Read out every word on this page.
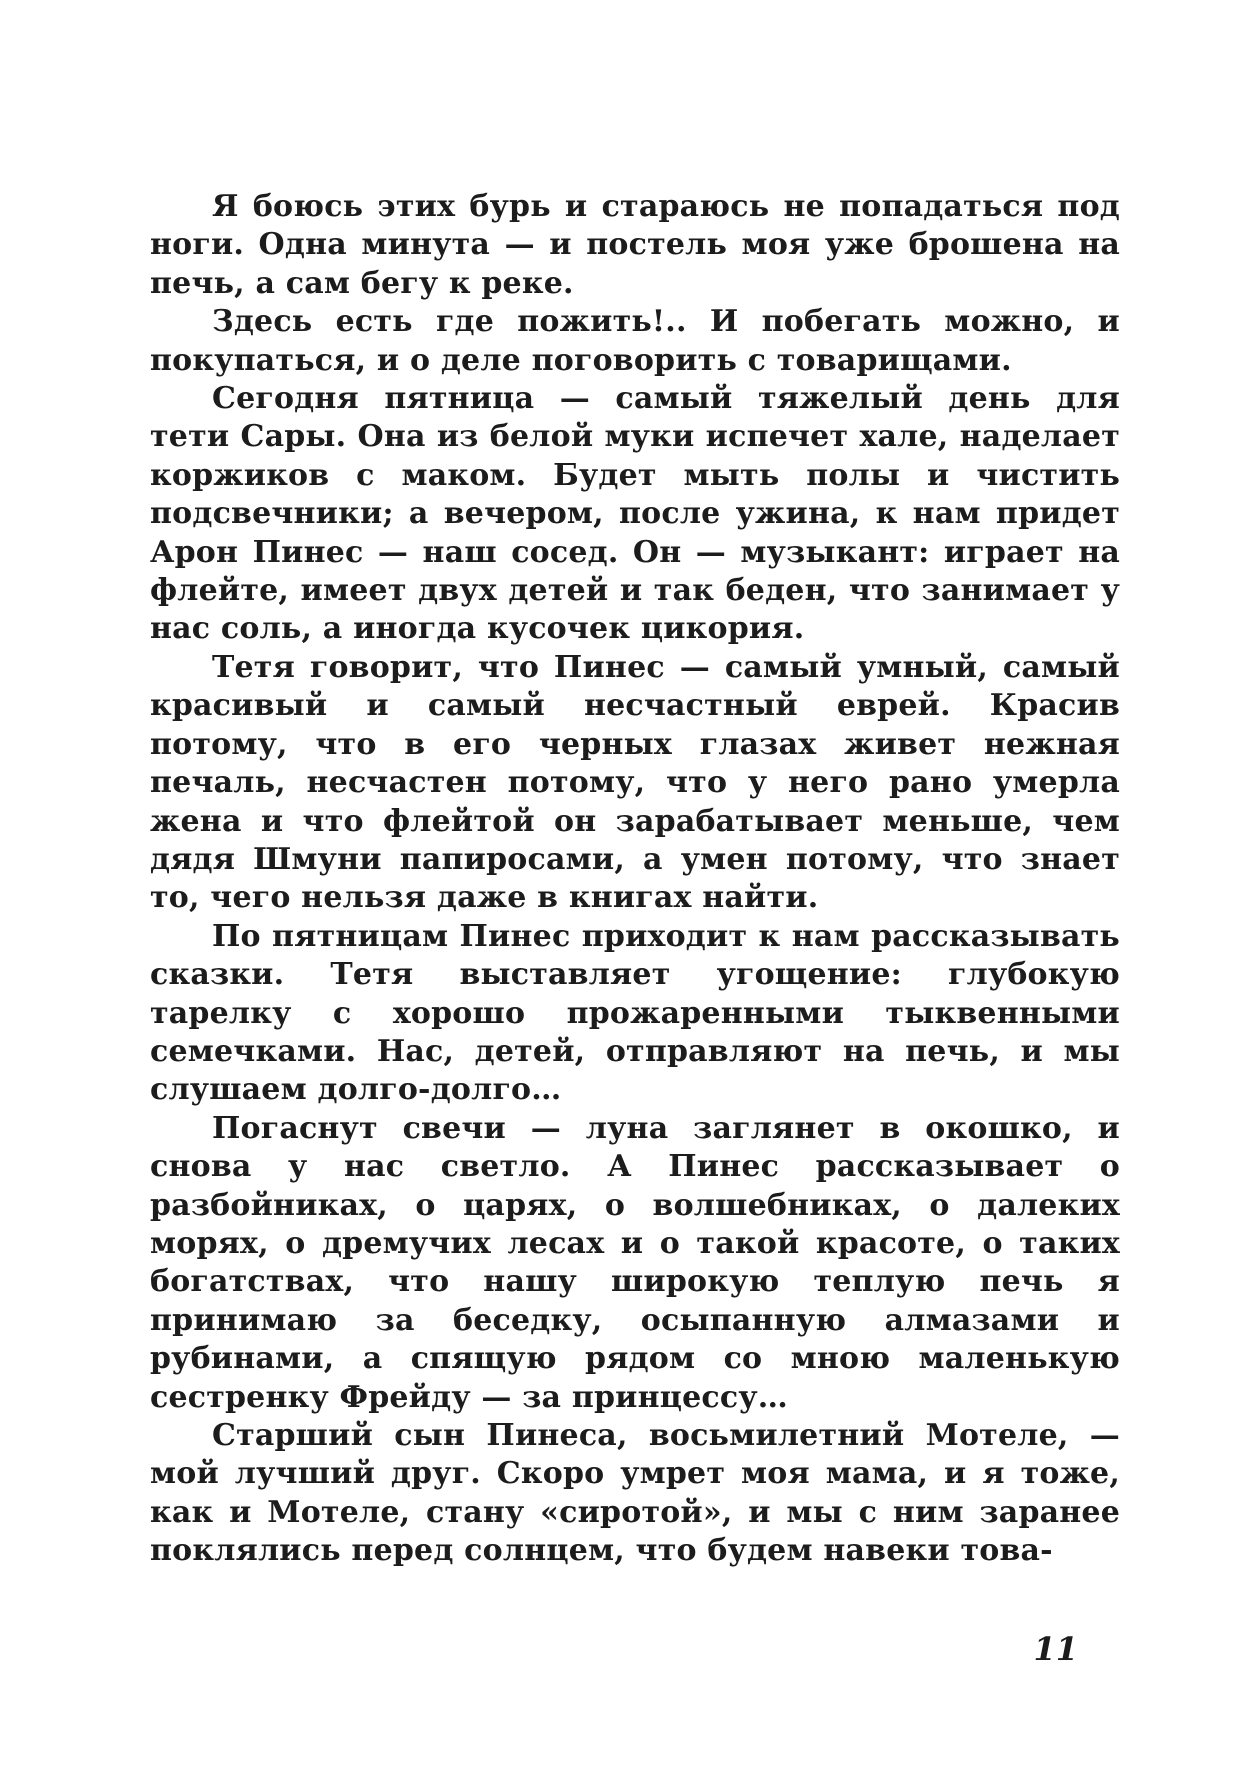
Я боюсь этих бурь и стараюсь не попадаться под ноги. Одна минута — и постель моя уже брошена на печь, а сам бегу к реке.

Здесь есть где пожить!.. И побегать можно, и покупаться, и о деле поговорить с товарищами.

Сегодня пятница — самый тяжелый день для тети Сары. Она из белой муки испечет хале, наделает коржиков с маком. Будет мыть полы и чистить подсвечники; а вечером, после ужина, к нам придет Арон Пинес — наш сосед. Он — музыкант: играет на флейте, имеет двух детей и так беден, что занимает у нас соль, а иногда кусочек цикория.

Тетя говорит, что Пинес — самый умный, самый красивый и самый несчастный еврей. Красив потому, что в его черных глазах живет нежная печаль, несчастен потому, что у него рано умерла жена и что флейтой он зарабатывает меньше, чем дядя Шмуни папиросами, а умен потому, что знает то, чего нельзя даже в книгах найти.

По пятницам Пинес приходит к нам рассказывать сказки. Тетя выставляет угощение: глубокую тарелку с хорошо прожаренными тыквенными семечками. Нас, детей, отправляют на печь, и мы слушаем долго-долго…

Погаснут свечи — луна заглянет в окошко, и снова у нас светло. А Пинес рассказывает о разбойниках, о царях, о волшебниках, о далеких морях, о дремучих лесах и о такой красоте, о таких богатствах, что нашу широкую теплую печь я принимаю за беседку, осыпанную алмазами и рубинами, а спящую рядом со мною маленькую сестренку Фрейду — за принцессу…

Старший сын Пинеса, восьмилетний Мотеле, — мой лучший друг. Скоро умрет моя мама, и я тоже, как и Мотеле, стану «сиротой», и мы с ним заранее поклялись перед солнцем, что будем навеки това-

11
